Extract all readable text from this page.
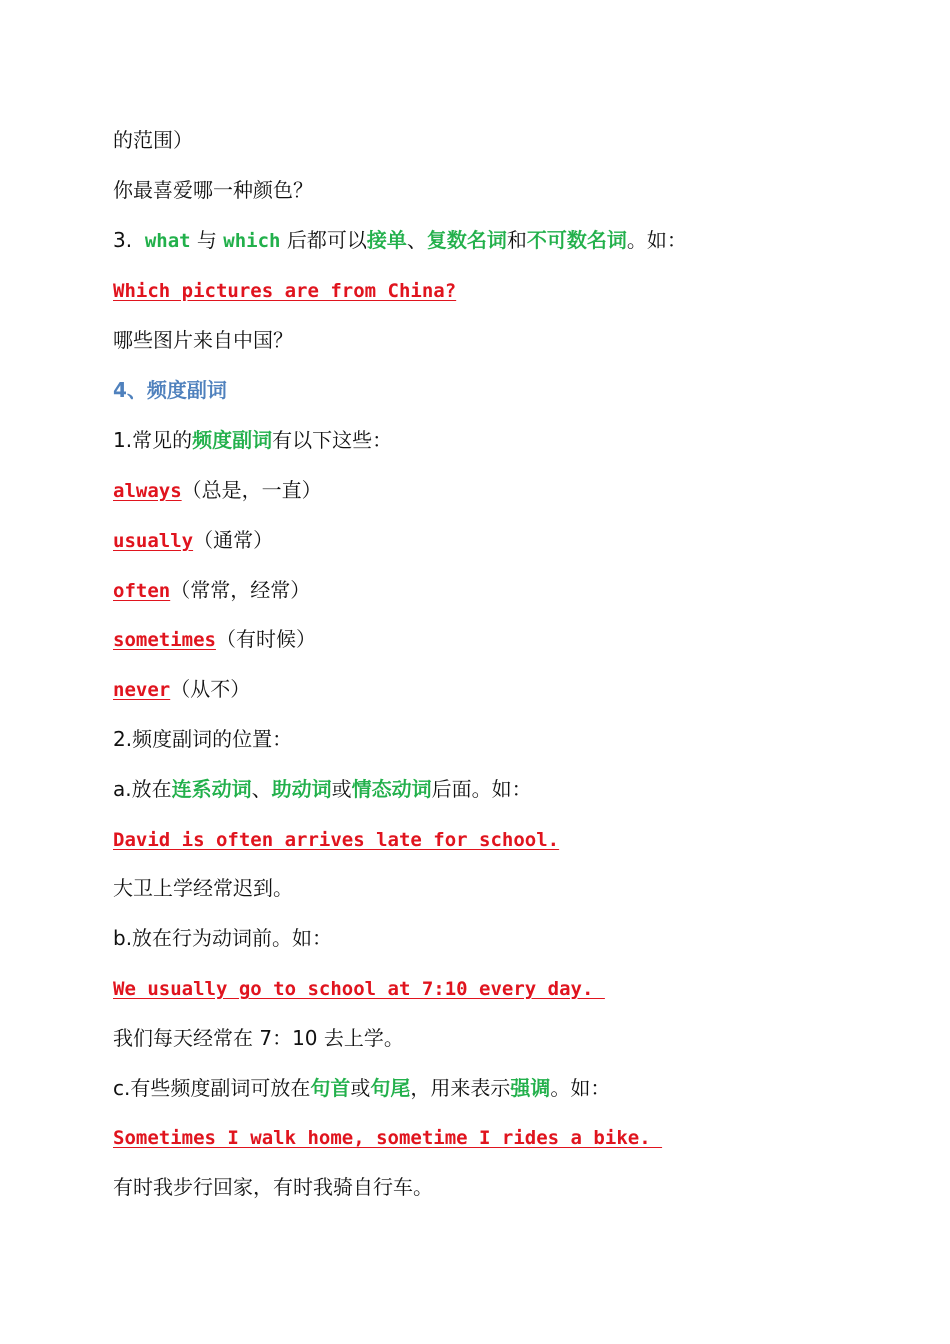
的范围）
你最喜爱哪一种颜色？
3. what 与 which 后都可以接单、复数名词和不可数名词。如：
Which pictures are from China?
哪些图片来自中国？
4、频度副词
1.常见的频度副词有以下这些：
always（总是，一直）
usually（通常）
often（常常，经常）
sometimes（有时候）
never（从不）
2.频度副词的位置：
a.放在连系动词、助动词或情态动词后面。如：
David is often arrives late for school.
大卫上学经常迟到。
b.放在行为动词前。如：
We usually go to school at 7:10 every day.
我们每天经常在 7：10 去上学。
c.有些频度副词可放在句首或句尾，用来表示强调。如：
Sometimes I walk home, sometime I rides a bike.
有时我步行回家，有时我骑自行车。
